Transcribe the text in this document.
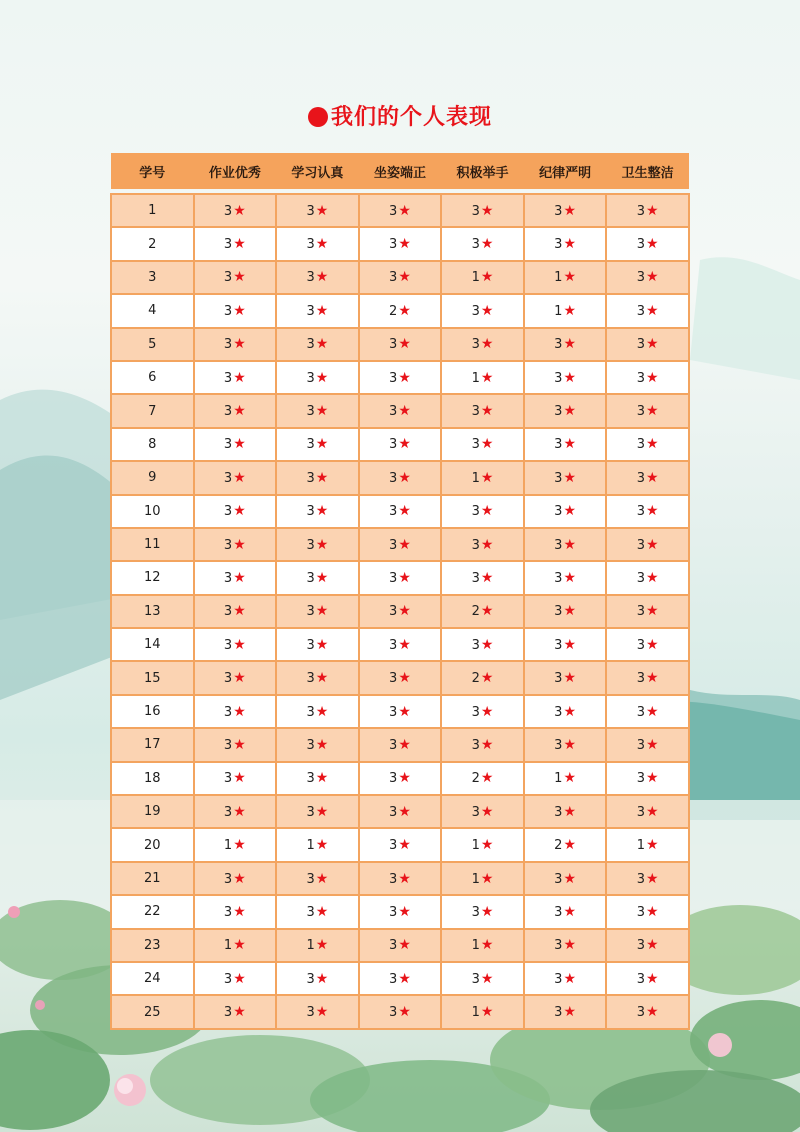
我们的个人表现
学号	作业优秀	学习认真	坐姿端正	积极举手	纪律严明	卫生整洁

1	3★	3★	3★	3★	3★	3★
2	3★	3★	3★	3★	3★	3★
3	3★	3★	3★	1★	1★	3★
4	3★	3★	2★	3★	1★	3★
5	3★	3★	3★	3★	3★	3★
6	3★	3★	3★	1★	3★	3★
7	3★	3★	3★	3★	3★	3★
8	3★	3★	3★	3★	3★	3★
9	3★	3★	3★	1★	3★	3★
10	3★	3★	3★	3★	3★	3★
11	3★	3★	3★	3★	3★	3★
12	3★	3★	3★	3★	3★	3★
13	3★	3★	3★	2★	3★	3★
14	3★	3★	3★	3★	3★	3★
15	3★	3★	3★	2★	3★	3★
16	3★	3★	3★	3★	3★	3★
17	3★	3★	3★	3★	3★	3★
18	3★	3★	3★	2★	1★	3★
19	3★	3★	3★	3★	3★	3★
20	1★	1★	3★	1★	2★	1★
21	3★	3★	3★	1★	3★	3★
22	3★	3★	3★	3★	3★	3★
23	1★	1★	3★	1★	3★	3★
24	3★	3★	3★	3★	3★	3★
25	3★	3★	3★	1★	3★	3★
